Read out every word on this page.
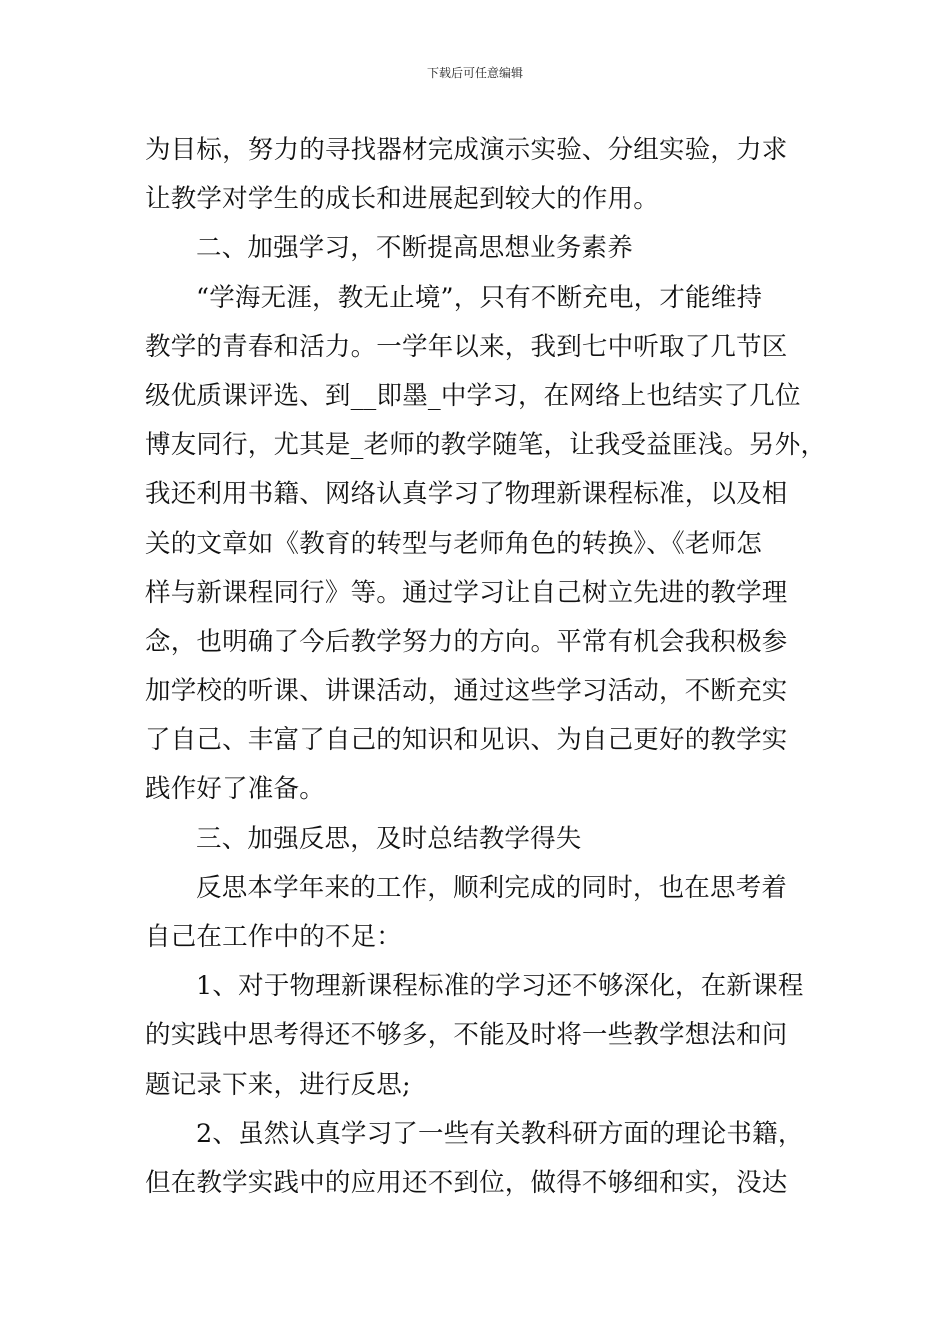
下载后可任意编辑
为目标，努力的寻找器材完成演示实验、分组实验，力求
让教学对学生的成长和进展起到较大的作用。
二、加强学习，不断提高思想业务素养
“学海无涯，教无止境”，只有不断充电，才能维持
教学的青春和活力。一学年以来，我到七中听取了几节区
级优质课评选、到__即墨_中学习，在网络上也结实了几位
博友同行，尤其是_老师的教学随笔，让我受益匪浅。另外，
我还利用书籍、网络认真学习了物理新课程标准，以及相
关的文章如《教育的转型与老师角色的转换》、《老师怎
样与新课程同行》等。通过学习让自己树立先进的教学理
念，也明确了今后教学努力的方向。平常有机会我积极参
加学校的听课、讲课活动，通过这些学习活动，不断充实
了自己、丰富了自己的知识和见识、为自己更好的教学实
践作好了准备。
三、加强反思，及时总结教学得失
反思本学年来的工作，顺利完成的同时，也在思考着
自己在工作中的不足：
1、对于物理新课程标准的学习还不够深化，在新课程
的实践中思考得还不够多，不能及时将一些教学想法和问
题记录下来，进行反思;
2、虽然认真学习了一些有关教科研方面的理论书籍，
但在教学实践中的应用还不到位，做得不够细和实，没达
